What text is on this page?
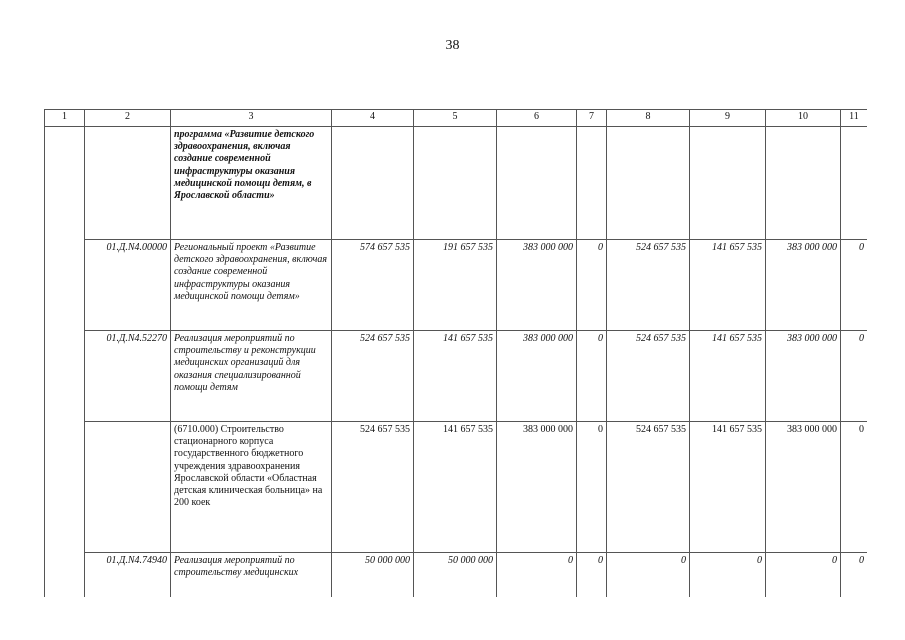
38
1	2	3	4	5	6	7	8	9	10	11
		программа «Развитие детского здравоохранения, включая создание современной инфраструктуры оказания медицинской помощи детям, в Ярославской области»								
	01.Д.N4.00000	Региональный проект «Развитие детского здравоохранения, включая создание современной инфраструктуры оказания медицинской помощи детям»	574 657 535	191 657 535	383 000 000	0	524 657 535	141 657 535	383 000 000	0
	01.Д.N4.52270	Реализация мероприятий по строительству и реконструкции медицинских организаций для оказания специализированной помощи детям	524 657 535	141 657 535	383 000 000	0	524 657 535	141 657 535	383 000 000	0
		(6710.000) Строительство стационарного корпуса государственного бюджетного учреждения здравоохранения Ярославской области «Областная детская клиническая больница» на 200 коек	524 657 535	141 657 535	383 000 000	0	524 657 535	141 657 535	383 000 000	0
	01.Д.N4.74940	Реализация мероприятий по строительству медицинских	50 000 000	50 000 000	0	0	0	0	0	0
